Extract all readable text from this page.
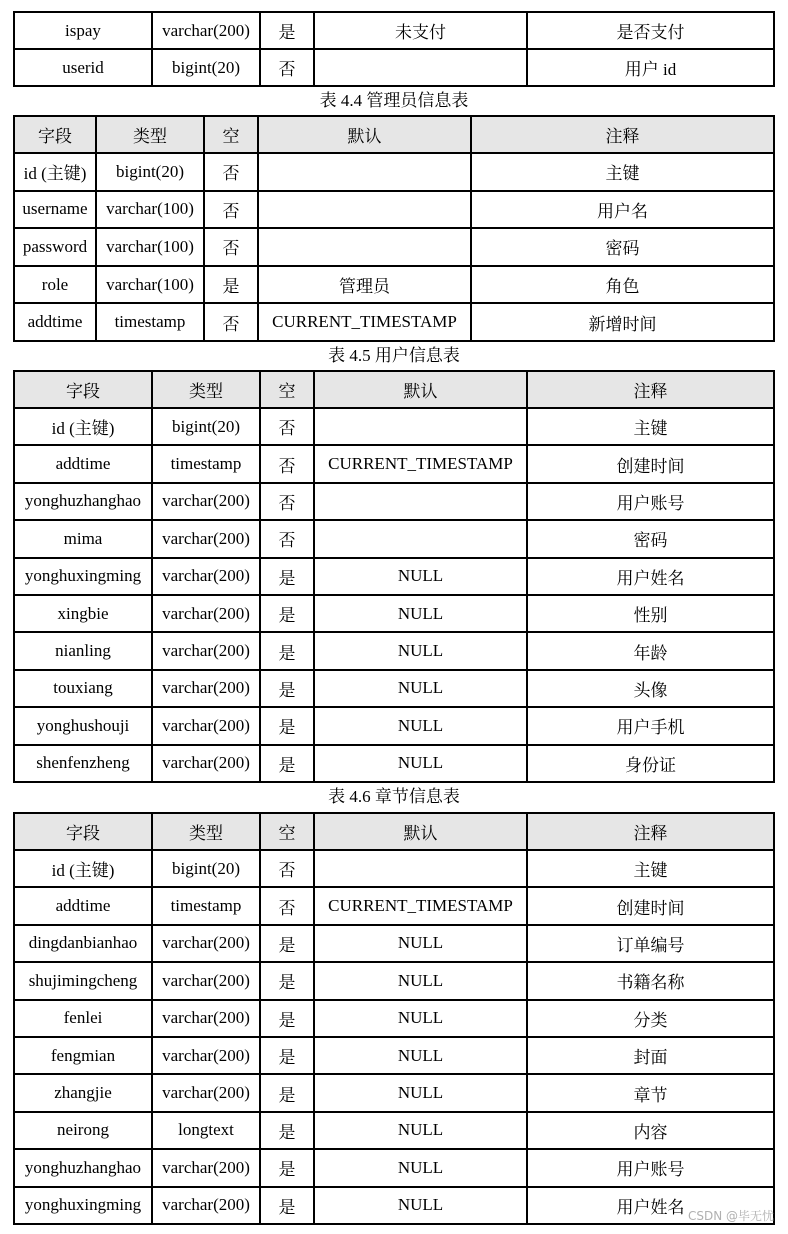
ispay	varchar(200)	是	未支付	是否支付
userid	bigint(20)	否		用户 id
表 4.4 管理员信息表
字段	类型	空	默认	注释
id (主键)	bigint(20)	否		主键
username	varchar(100)	否		用户名
password	varchar(100)	否		密码
role	varchar(100)	是	管理员	角色
addtime	timestamp	否	CURRENT_TIMESTAMP	新增时间
表 4.5 用户信息表
字段	类型	空	默认	注释
id (主键)	bigint(20)	否		主键
addtime	timestamp	否	CURRENT_TIMESTAMP	创建时间
yonghuzhanghao	varchar(200)	否		用户账号
mima	varchar(200)	否		密码
yonghuxingming	varchar(200)	是	NULL	用户姓名
xingbie	varchar(200)	是	NULL	性别
nianling	varchar(200)	是	NULL	年龄
touxiang	varchar(200)	是	NULL	头像
yonghushouji	varchar(200)	是	NULL	用户手机
shenfenzheng	varchar(200)	是	NULL	身份证
表 4.6 章节信息表
字段	类型	空	默认	注释
id (主键)	bigint(20)	否		主键
addtime	timestamp	否	CURRENT_TIMESTAMP	创建时间
dingdanbianhao	varchar(200)	是	NULL	订单编号
shujimingcheng	varchar(200)	是	NULL	书籍名称
fenlei	varchar(200)	是	NULL	分类
fengmian	varchar(200)	是	NULL	封面
zhangjie	varchar(200)	是	NULL	章节
neirong	longtext	是	NULL	内容
yonghuzhanghao	varchar(200)	是	NULL	用户账号
yonghuxingming	varchar(200)	是	NULL	用户姓名 CSDN @毕无忧
